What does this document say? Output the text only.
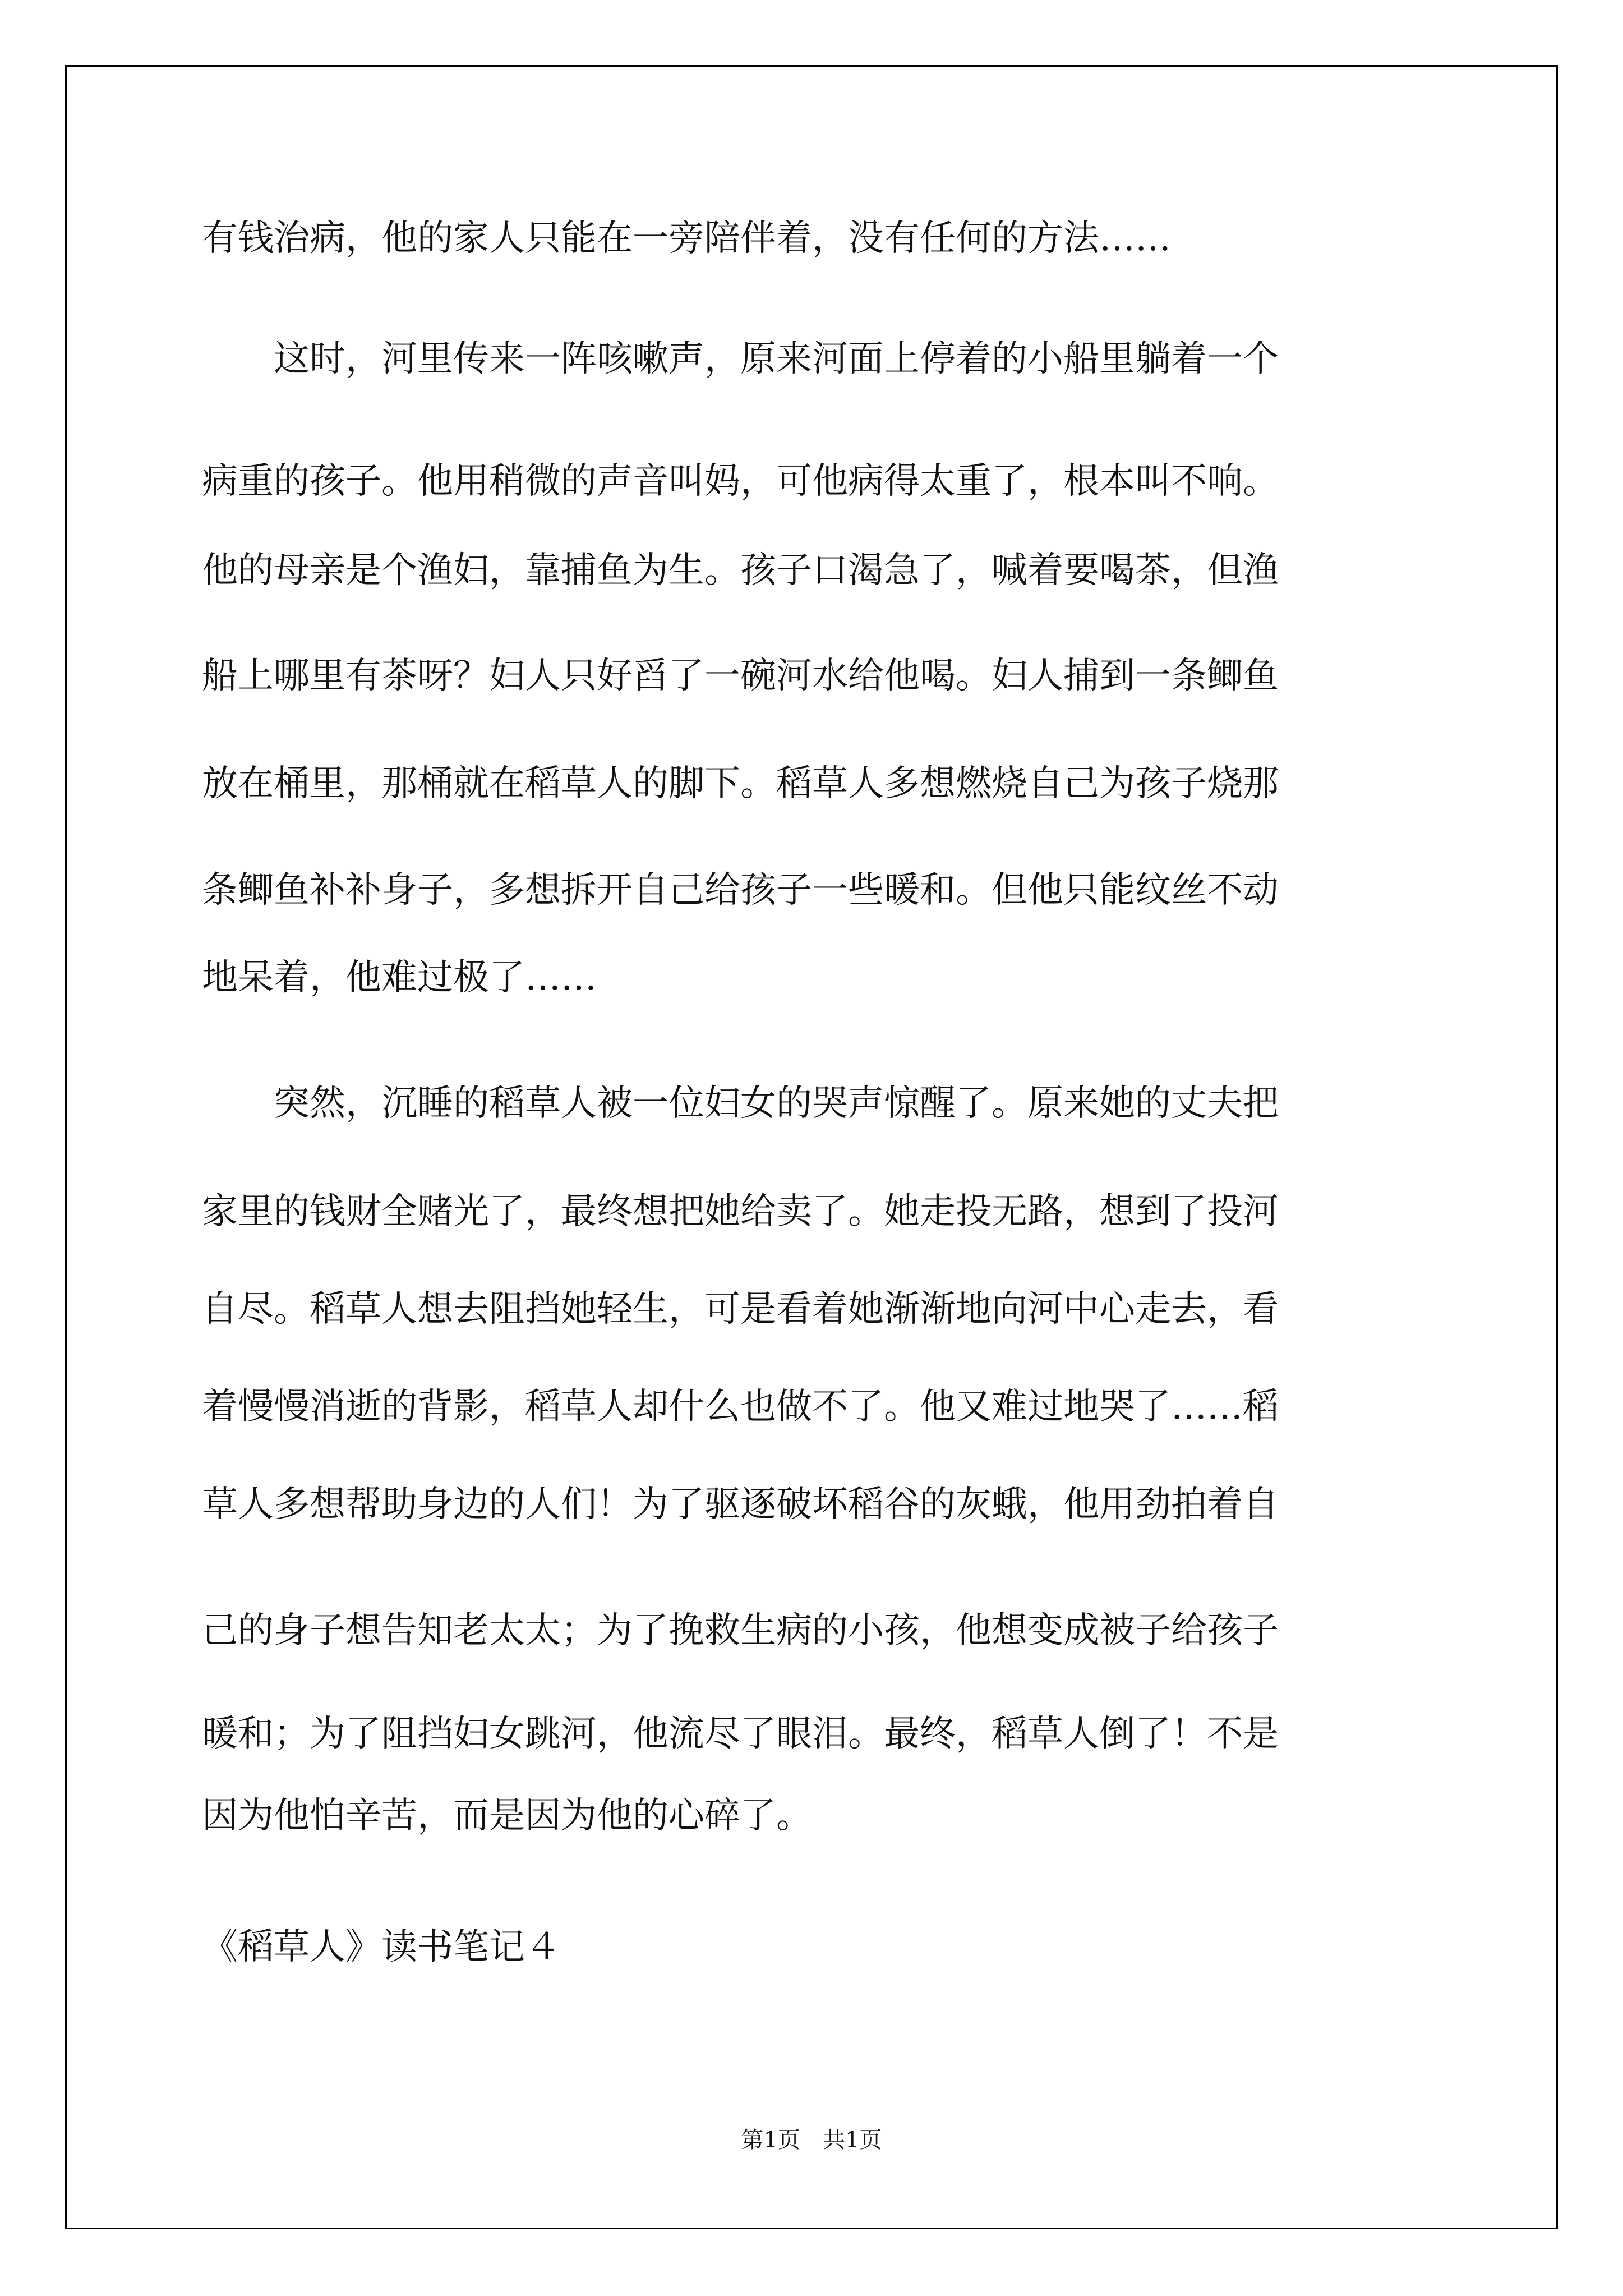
有钱治病，他的家人只能在一旁陪伴着，没有任何的方法……
　　这时，河里传来一阵咳嗽声，原来河面上停着的小船里躺着一个
病重的孩子。他用稍微的声音叫妈，可他病得太重了，根本叫不响。
他的母亲是个渔妇，靠捕鱼为生。孩子口渴急了，喊着要喝茶，但渔
船上哪里有茶呀？妇人只好舀了一碗河水给他喝。妇人捕到一条鲫鱼
放在桶里，那桶就在稻草人的脚下。稻草人多想燃烧自己为孩子烧那
条鲫鱼补补身子，多想拆开自己给孩子一些暖和。但他只能纹丝不动
地呆着，他难过极了……
　　突然，沉睡的稻草人被一位妇女的哭声惊醒了。原来她的丈夫把
家里的钱财全赌光了，最终想把她给卖了。她走投无路，想到了投河
自尽。稻草人想去阻挡她轻生，可是看着她渐渐地向河中心走去，看
着慢慢消逝的背影，稻草人却什么也做不了。他又难过地哭了……稻
草人多想帮助身边的人们！为了驱逐破坏稻谷的灰蛾，他用劲拍着自
己的身子想告知老太太；为了挽救生病的小孩，他想变成被子给孩子
暖和；为了阻挡妇女跳河，他流尽了眼泪。最终，稻草人倒了！不是
因为他怕辛苦，而是因为他的心碎了。
《稻草人》读书笔记４
第1页　共1页
